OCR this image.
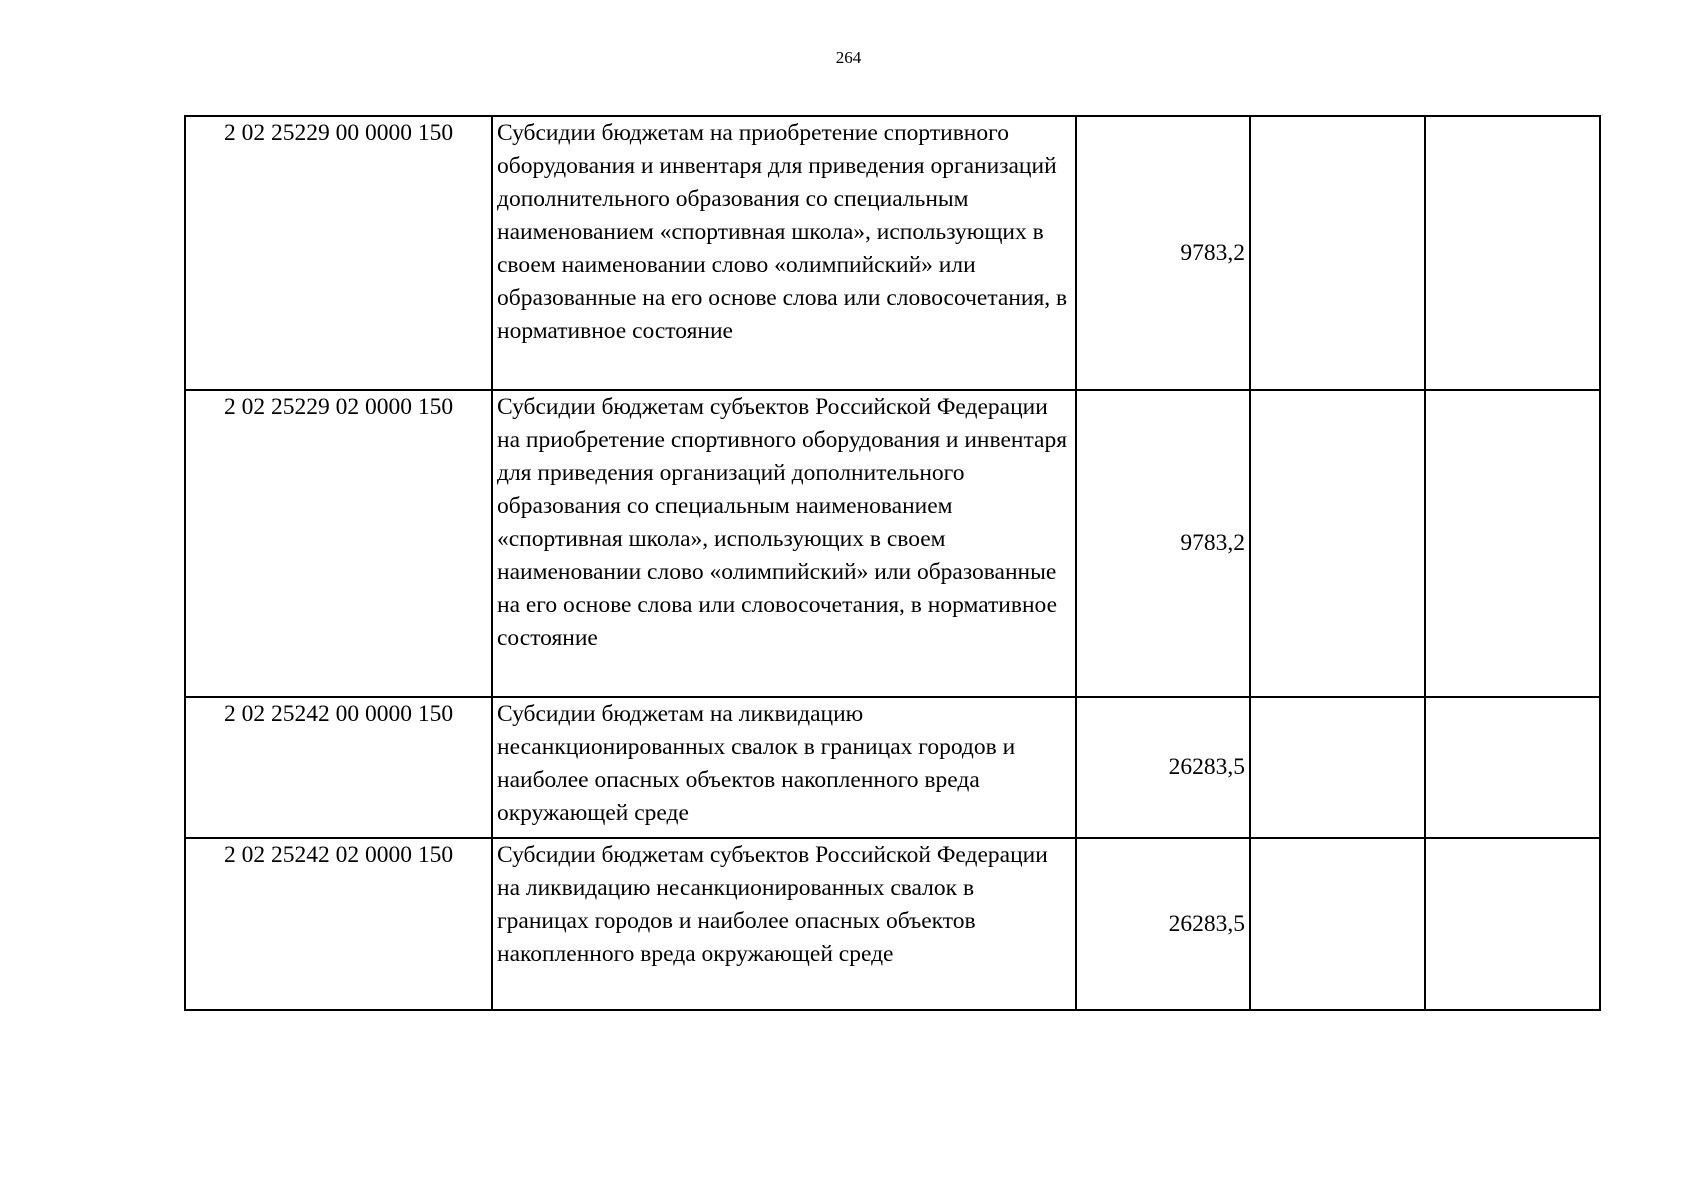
264
2 02 25229 00 0000 150	Субсидии бюджетам на приобретение спортивного оборудования и инвентаря для приведения организаций дополнительного образования со специальным наименованием «спортивная школа», использующих в своем наименовании слово «олимпийский» или образованные на его основе слова или словосочетания, в нормативное состояние	9783,2		
2 02 25229 02 0000 150	Субсидии бюджетам субъектов Российской Федерации на приобретение спортивного оборудования и инвентаря для приведения организаций дополнительного образования со специальным наименованием «спортивная школа», использующих в своем наименовании слово «олимпийский» или образованные на его основе слова или словосочетания, в нормативное состояние	9783,2		
2 02 25242 00 0000 150	Субсидии бюджетам на ликвидацию несанкционированных свалок в границах городов и наиболее опасных объектов накопленного вреда окружающей среде	26283,5		
2 02 25242 02 0000 150	Субсидии бюджетам субъектов Российской Федерации на ликвидацию несанкционированных свалок в границах городов и наиболее опасных объектов накопленного вреда окружающей среде	26283,5		
